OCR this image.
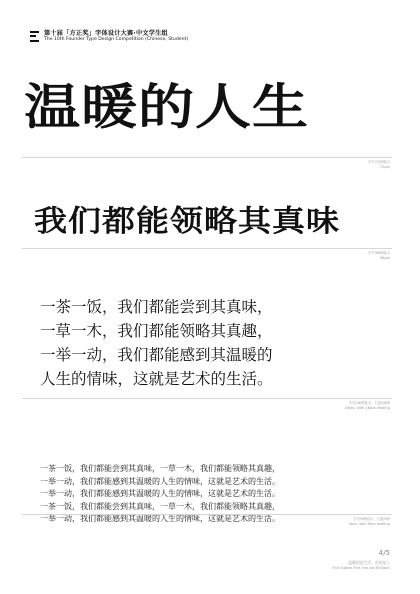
第十届「方正奖」字体设计大赛·中文学生组
The 10th Founder Type Design Competition (Chinese, Student)
温暖的人生
字号72磅展示
72pts
我们都能领略其真味
字号36磅展示
36pts
一茶一饭，我们都能尝到其真味，
一草一木，我们都能领略其真趣，
一举一动，我们都能感到其温暖的
人生的情味，这就是艺术的生活。
字号18磅展示，行距18磅
18pts, with 18pts leading
一茶一饭，我们都能尝到其真味，一草一木，我们都能领略其真趣，
一举一动，我们都能感到其温暖的人生的情味，这就是艺术的生活。
一举一动，我们都能感到其温暖的人生的情味，这就是艺术的生活。
一茶一饭，我们都能尝到其真味，一草一木，我们都能领略其真趣，
一举一动，我们都能感到其温暖的人生的情味，这就是艺术的生活。	字号9磅展示，行距9磅
9pts, with 9pts leading
4/5
温暖的是生活，苦的是人
The Subtle Fire can be Brilliant
